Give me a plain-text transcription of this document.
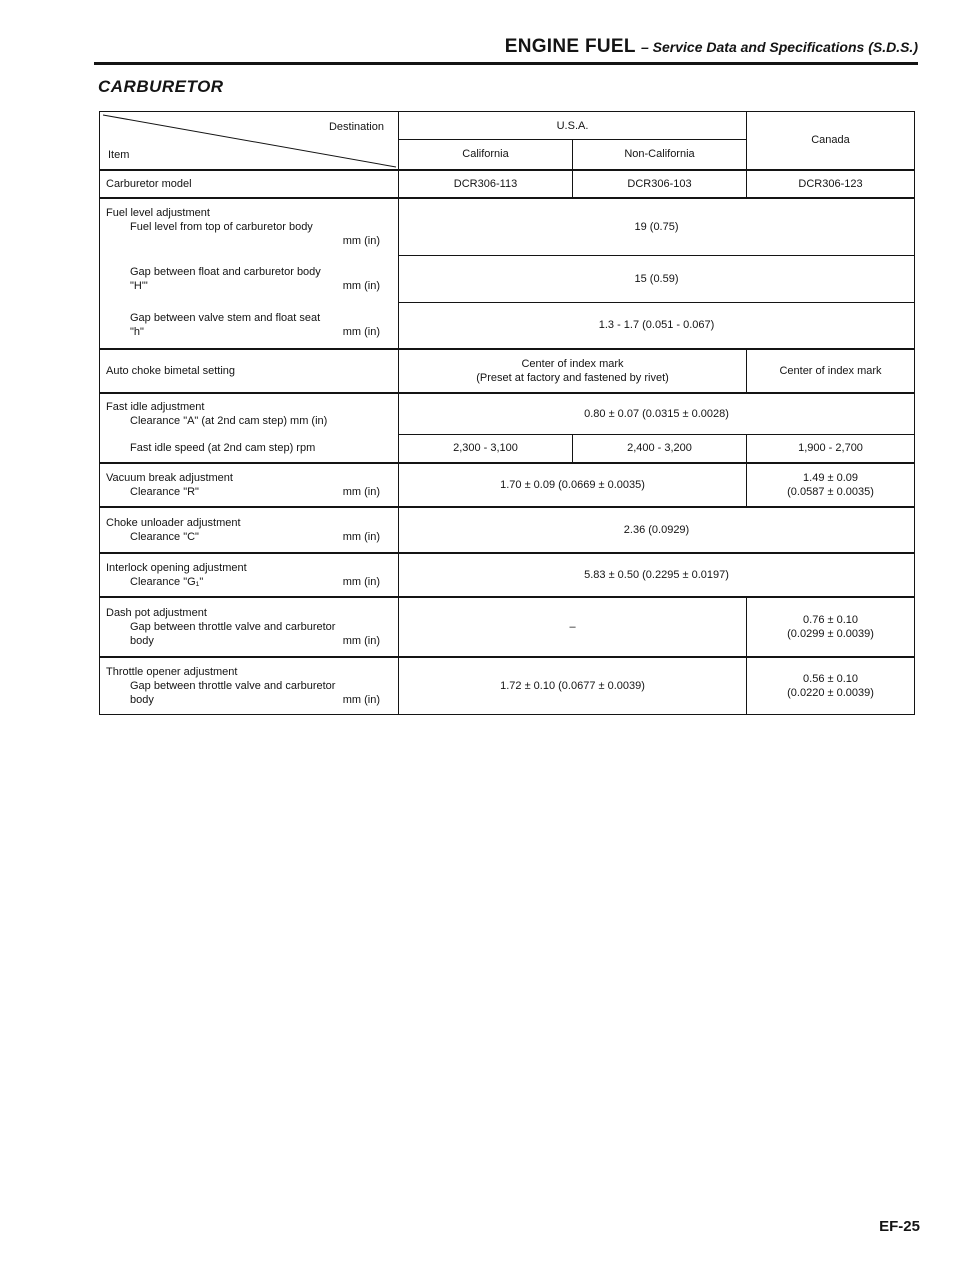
ENGINE FUEL – Service Data and Specifications (S.D.S.)
CARBURETOR
Destination
Item	U.S.A.		Canada
	California	Non-California	
Carburetor model	DCR306-113	DCR306-103	DCR306-123

Fuel level adjustment
Fuel level from top of carburetor body
mm (in)	19 (0.75)		

Gap between float and carburetor body
"H"' mm (in)	15 (0.59)		

Gap between valve stem and float seat
"h" mm (in)	1.3 - 1.7 (0.051 - 0.067)		
Auto choke bimetal setting	Center of index mark
(Preset at factory and fastened by rivet)		Center of index mark

Fast idle adjustment
Clearance "A" (at 2nd cam step) mm (in)	0.80 ± 0.07 (0.0315 ± 0.0028)		

Fast idle speed (at 2nd cam step) rpm	2,300 - 3,100	2,400 - 3,200	1,900 - 2,700

Vacuum break adjustment
Clearance "R" mm (in)	1.70 ± 0.09 (0.0669 ± 0.0035)		1.49 ± 0.09
(0.0587 ± 0.0035)

Choke unloader adjustment
Clearance "C" mm (in)	2.36 (0.0929)		

Interlock opening adjustment
Clearance "G₁" mm (in)	5.83 ± 0.50 (0.2295 ± 0.0197)		

Dash pot adjustment
Gap between throttle valve and carburetor
body mm (in)	–		0.76 ± 0.10
(0.0299 ± 0.0039)

Throttle opener adjustment
Gap between throttle valve and carburetor
body mm (in)	1.72 ± 0.10 (0.0677 ± 0.0039)		0.56 ± 0.10
(0.0220 ± 0.0039)
EF-25
